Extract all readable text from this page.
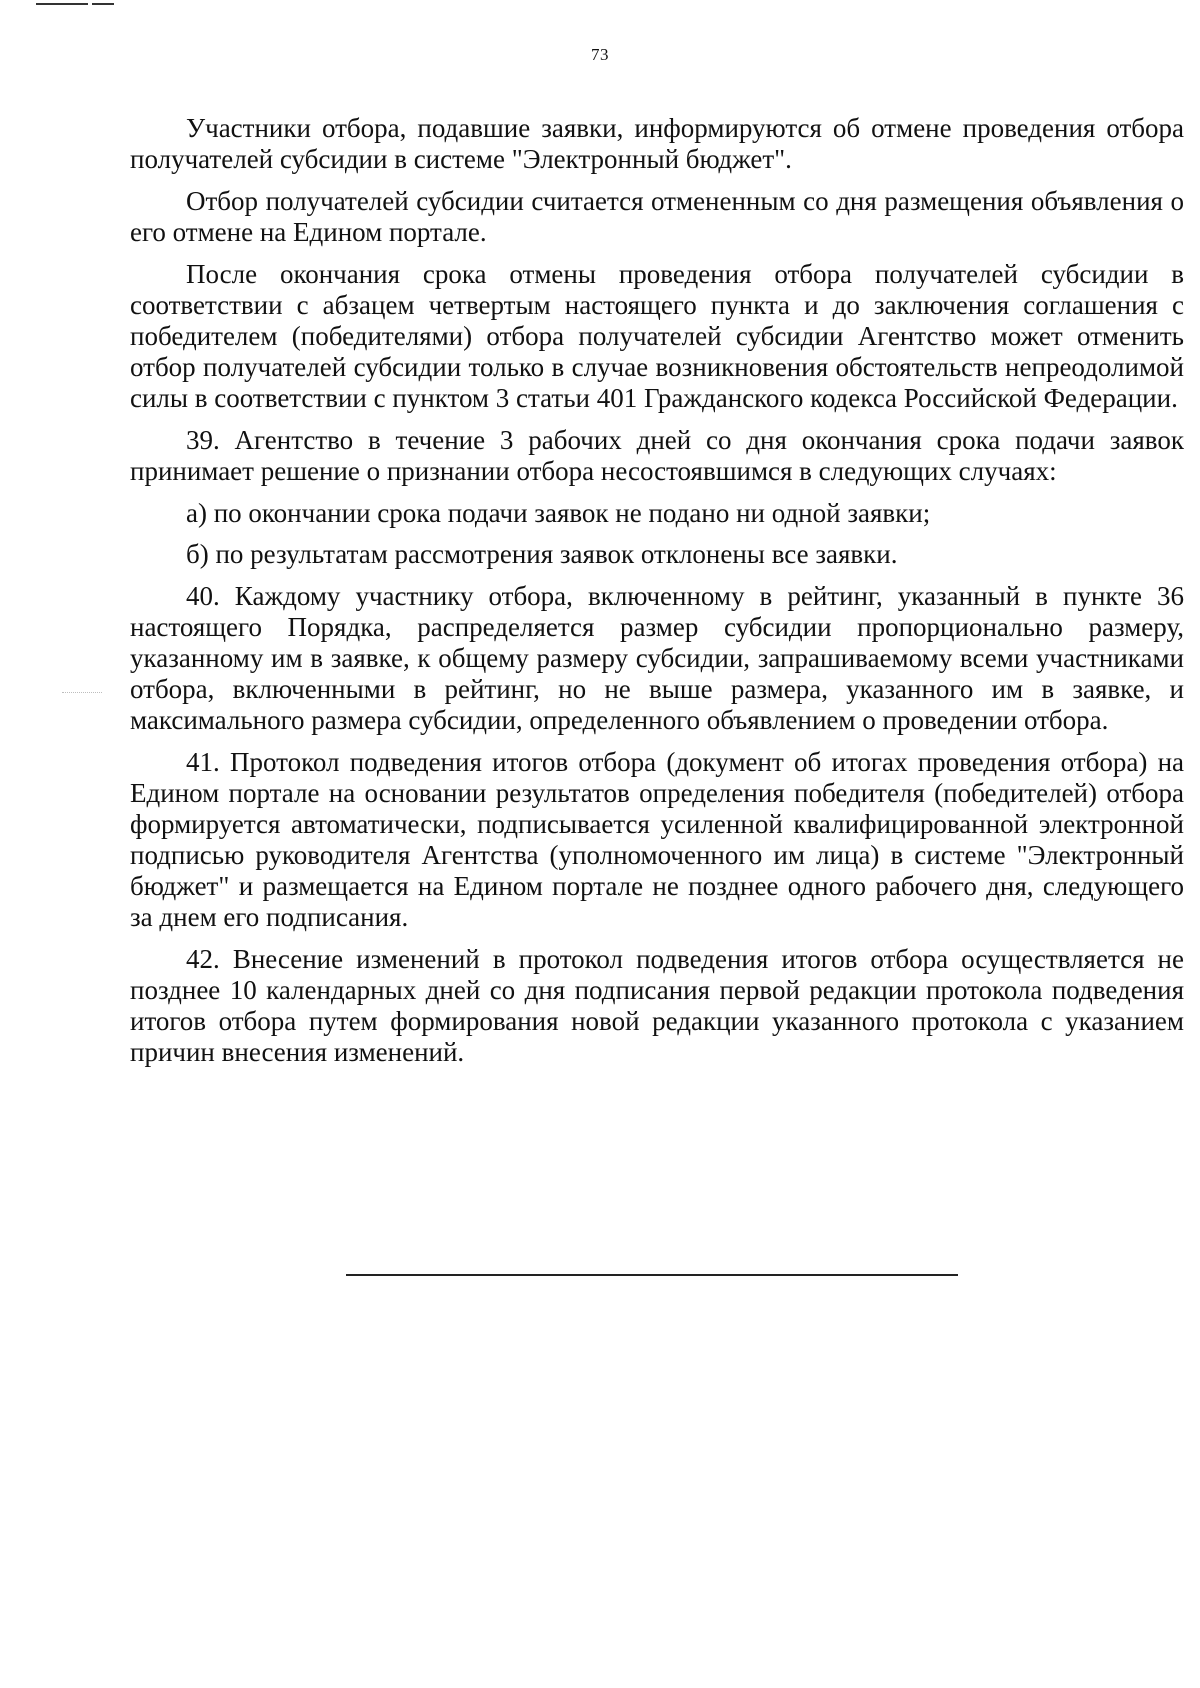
73

Участники отбора, подавшие заявки, информируются об отмене проведения отбора получателей субсидии в системе "Электронный бюджет".

Отбор получателей субсидии считается отмененным со дня размещения объявления о его отмене на Едином портале.

После окончания срока отмены проведения отбора получателей субсидии в соответствии с абзацем четвертым настоящего пункта и до заключения соглашения с победителем (победителями) отбора получателей субсидии Агентство может отменить отбор получателей субсидии только в случае возникновения обстоятельств непреодолимой силы в соответствии с пунктом 3 статьи 401 Гражданского кодекса Российской Федерации.

39. Агентство в течение 3 рабочих дней со дня окончания срока подачи заявок принимает решение о признании отбора несостоявшимся в следующих случаях:

а) по окончании срока подачи заявок не подано ни одной заявки;

б) по результатам рассмотрения заявок отклонены все заявки.

40. Каждому участнику отбора, включенному в рейтинг, указанный в пункте 36 настоящего Порядка, распределяется размер субсидии пропорционально размеру, указанному им в заявке, к общему размеру субсидии, запрашиваемому всеми участниками отбора, включенными в рейтинг, но не выше размера, указанного им в заявке, и максимального размера субсидии, определенного объявлением о проведении отбора.

41. Протокол подведения итогов отбора (документ об итогах проведения отбора) на Едином портале на основании результатов определения победителя (победителей) отбора формируется автоматически, подписывается усиленной квалифицированной электронной подписью руководителя Агентства (уполномоченного им лица) в системе "Электронный бюджет" и размещается на Едином портале не позднее одного рабочего дня, следующего за днем его подписания.

42. Внесение изменений в протокол подведения итогов отбора осуществляется не позднее 10 календарных дней со дня подписания первой редакции протокола подведения итогов отбора путем формирования новой редакции указанного протокола с указанием причин внесения изменений.
